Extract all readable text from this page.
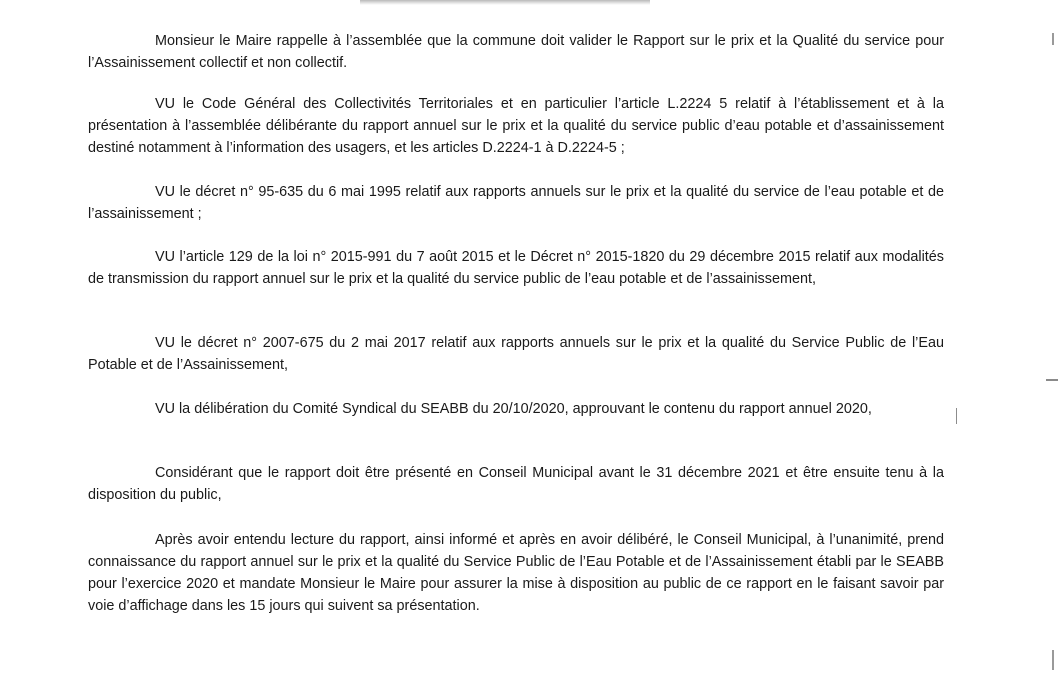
Monsieur le Maire rappelle à l’assemblée que la commune doit valider le Rapport sur le prix et la Qualité du service pour l’Assainissement collectif et non collectif.

VU le Code Général des Collectivités Territoriales et en particulier l’article L.2224 5 relatif à l’établissement et à la présentation à l’assemblée délibérante du rapport annuel sur le prix et la qualité du service public d’eau potable et d’assainissement destiné notamment à l’information des usagers, et les articles D.2224-1 à D.2224-5 ;

VU le décret n° 95-635 du 6 mai 1995 relatif aux rapports annuels sur le prix et la qualité du service de l’eau potable et de l’assainissement ;

VU l’article 129 de la loi n° 2015-991 du 7 août 2015 et le Décret n° 2015-1820 du 29 décembre 2015 relatif aux modalités de transmission du rapport annuel sur le prix et la qualité du service public de l’eau potable et de l’assainissement,

VU le décret n° 2007-675 du 2 mai 2017 relatif aux rapports annuels sur le prix et la qualité du Service Public de l’Eau Potable et de l’Assainissement,

VU la délibération du Comité Syndical du SEABB du 20/10/2020, approuvant le contenu du rapport annuel 2020,

Considérant que le rapport doit être présenté en Conseil Municipal avant le 31 décembre 2021 et être ensuite tenu à la disposition du public,

Après avoir entendu lecture du rapport, ainsi informé et après en avoir délibéré, le Conseil Municipal, à l’unanimité, prend connaissance du rapport annuel sur le prix et la qualité du Service Public de l’Eau Potable et de l’Assainissement établi par le SEABB pour l’exercice 2020 et mandate Monsieur le Maire pour assurer la mise à disposition au public de ce rapport en le faisant savoir par voie d’affichage dans les 15 jours qui suivent sa présentation.
